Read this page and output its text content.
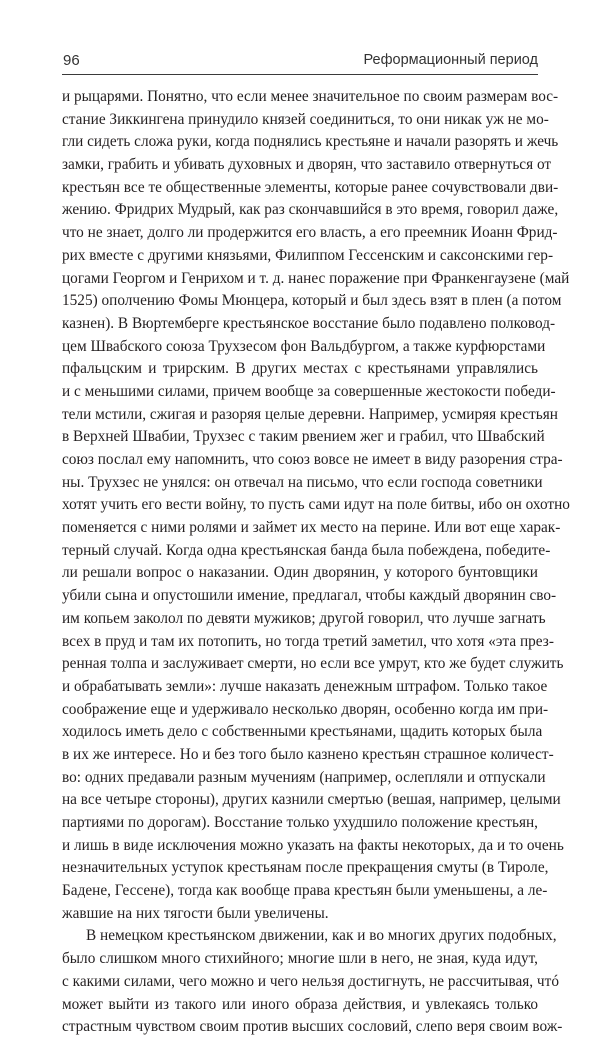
96	Реформационный период
и рыцарями. Понятно, что если менее значительное по своим размерам вос-
стание Зиккингена принудило князей соединиться, то они никак уж не мо-
гли сидеть сложа руки, когда поднялись крестьяне и начали разорять и жечь
замки, грабить и убивать духовных и дворян, что заставило отвернуться от
крестьян все те общественные элементы, которые ранее сочувствовали дви-
жению. Фридрих Мудрый, как раз скончавшийся в это время, говорил даже,
что не знает, долго ли продержится его власть, а его преемник Иоанн Фрид-
рих вместе с другими князьями, Филиппом Гессенским и саксонскими гер-
цогами Георгом и Генрихом и т. д. нанес поражение при Франкенгаузене (май
1525) ополчению Фомы Мюнцера, который и был здесь взят в плен (а потом
казнен). В Вюртемберге крестьянское восстание было подавлено полковод-
цем Швабского союза Трухзесом фон Вальдбургом, а также курфюрстами
пфальцским и трирским. В других местах с крестьянами управлялись
и с меньшими силами, причем вообще за совершенные жестокости победи-
тели мстили, сжигая и разоряя целые деревни. Например, усмиряя крестьян
в Верхней Швабии, Трухзес с таким рвением жег и грабил, что Швабский
союз послал ему напомнить, что союз вовсе не имеет в виду разорения стра-
ны. Трухзес не унялся: он отвечал на письмо, что если господа советники
хотят учить его вести войну, то пусть сами идут на поле битвы, ибо он охотно
поменяется с ними ролями и займет их место на перине. Или вот еще харак-
терный случай. Когда одна крестьянская банда была побеждена, победите-
ли решали вопрос о наказании. Один дворянин, у которого бунтовщики
убили сына и опустошили имение, предлагал, чтобы каждый дворянин сво-
им копьем заколол по девяти мужиков; другой говорил, что лучше загнать
всех в пруд и там их потопить, но тогда третий заметил, что хотя «эта през-
ренная толпа и заслуживает смерти, но если все умрут, кто же будет служить
и обрабатывать земли»: лучше наказать денежным штрафом. Только такое
соображение еще и удерживало несколько дворян, особенно когда им при-
ходилось иметь дело с собственными крестьянами, щадить которых была
в их же интересе. Но и без того было казнено крестьян страшное количест-
во: одних предавали разным мучениям (например, ослепляли и отпускали
на все четыре стороны), других казнили смертью (вешая, например, целыми
партиями по дорогам). Восстание только ухудшило положение крестьян,
и лишь в виде исключения можно указать на факты некоторых, да и то очень
незначительных уступок крестьянам после прекращения смуты (в Тироле,
Бадене, Гессене), тогда как вообще права крестьян были уменьшены, а ле-
жавшие на них тягости были увеличены.
В немецком крестьянском движении, как и во многих других подобных,
было слишком много стихийного; многие шли в него, не зная, куда идут,
с какими силами, чего можно и чего нельзя достигнуть, не рассчитывая, чтó
может выйти из такого или иного образа действия, и увлекаясь только
страстным чувством своим против высших сословий, слепо веря своим вож-
